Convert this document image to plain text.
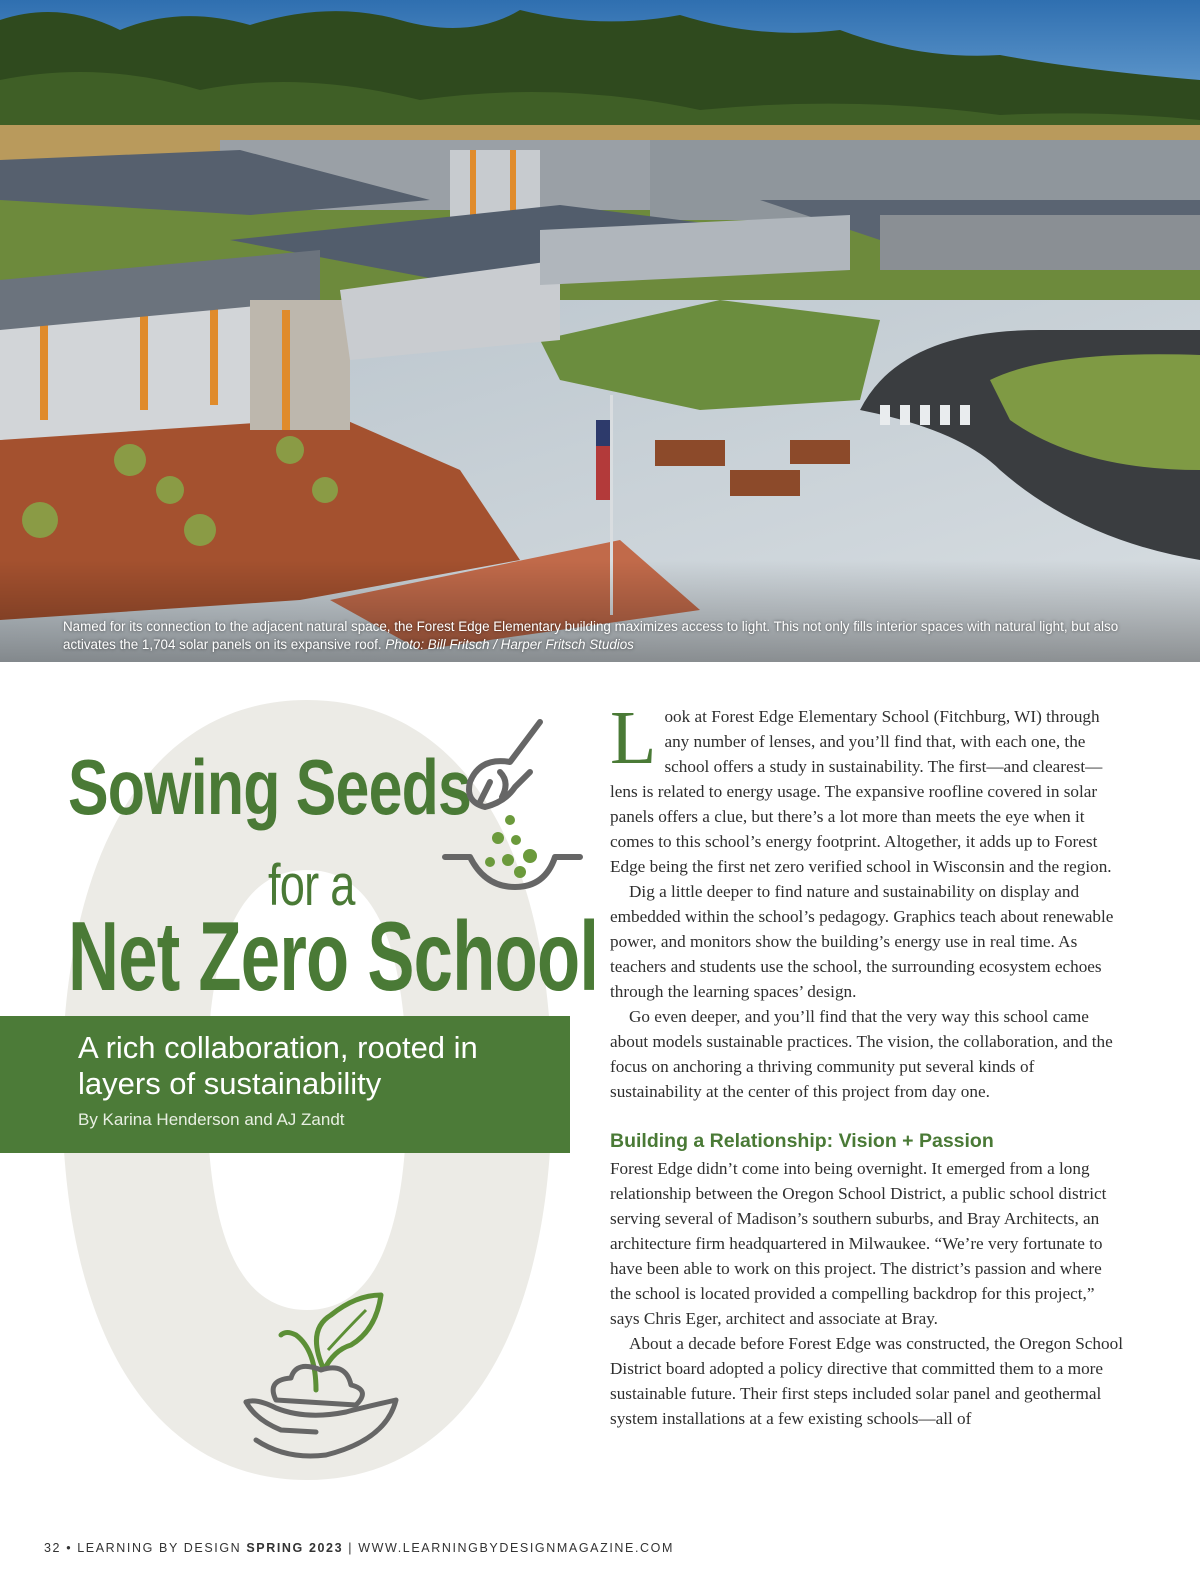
Named for its connection to the adjacent natural space, the Forest Edge Elementary building maximizes access to light. This not only fills interior spaces with natural light, but also activates the 1,704 solar panels on its expansive roof. Photo: Bill Fritsch / Harper Fritsch Studios
Sowing Seeds
for a
Net Zero School

A rich collaboration, rooted in layers of sustainability

By Karina Henderson and AJ Zandt

Look at Forest Edge Elementary School (Fitchburg, WI) through any number of lenses, and you’ll find that, with each one, the school offers a study in sustainability. The first—and clearest—lens is related to energy usage. The expansive roofline covered in solar panels offers a clue, but there’s a lot more than meets the eye when it comes to this school’s energy footprint. Altogether, it adds up to Forest Edge being the first net zero verified school in Wisconsin and the region.

Dig a little deeper to find nature and sustainability on display and embedded within the school’s pedagogy. Graphics teach about renewable power, and monitors show the building’s energy use in real time. As teachers and students use the school, the surrounding ecosystem echoes through the learning spaces’ design.

Go even deeper, and you’ll find that the very way this school came about models sustainable practices. The vision, the collaboration, and the focus on anchoring a thriving community put several kinds of sustainability at the center of this project from day one.

Building a Relationship: Vision + Passion

Forest Edge didn’t come into being overnight. It emerged from a long relationship between the Oregon School District, a public school district serving several of Madison’s southern suburbs, and Bray Architects, an architecture firm headquartered in Milwaukee. “We’re very fortunate to have been able to work on this project. The district’s passion and where the school is located provided a compelling backdrop for this project,” says Chris Eger, architect and associate at Bray.

About a decade before Forest Edge was constructed, the Oregon School District board adopted a policy directive that committed them to a more sustainable future. Their first steps included solar panel and geothermal system installations at a few existing schools—all of

32 • LEARNING BY DESIGN SPRING 2023 | WWW.LEARNINGBYDESIGNMAGAZINE.COM
